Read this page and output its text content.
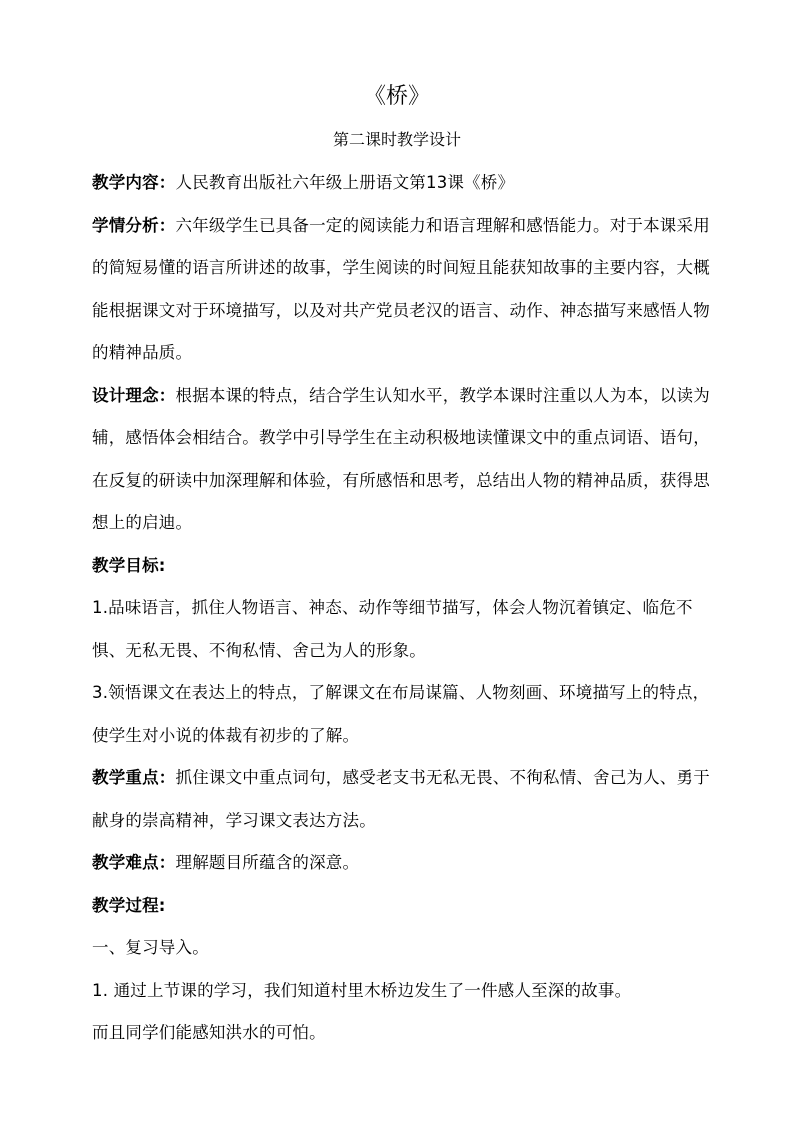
《桥》
第二课时教学设计

教学内容：人民教育出版社六年级上册语文第13课《桥》

学情分析：六年级学生已具备一定的阅读能力和语言理解和感悟能力。对于本课采用的简短易懂的语言所讲述的故事，学生阅读的时间短且能获知故事的主要内容，大概能根据课文对于环境描写，以及对共产党员老汉的语言、动作、神态描写来感悟人物的精神品质。

设计理念：根据本课的特点，结合学生认知水平，教学本课时注重以人为本，以读为辅，感悟体会相结合。教学中引导学生在主动积极地读懂课文中的重点词语、语句，在反复的研读中加深理解和体验，有所感悟和思考，总结出人物的精神品质，获得思想上的启迪。

教学目标:

1.品味语言，抓住人物语言、神态、动作等细节描写，体会人物沉着镇定、临危不惧、无私无畏、不徇私情、舍己为人的形象。

3.领悟课文在表达上的特点，了解课文在布局谋篇、人物刻画、环境描写上的特点，使学生对小说的体裁有初步的了解。

教学重点：抓住课文中重点词句，感受老支书无私无畏、不徇私情、舍己为人、勇于献身的崇高精神，学习课文表达方法。

教学难点：理解题目所蕴含的深意。

教学过程:

一、复习导入。

1. 通过上节课的学习，我们知道村里木桥边发生了一件感人至深的故事。

而且同学们能感知洪水的可怕。
